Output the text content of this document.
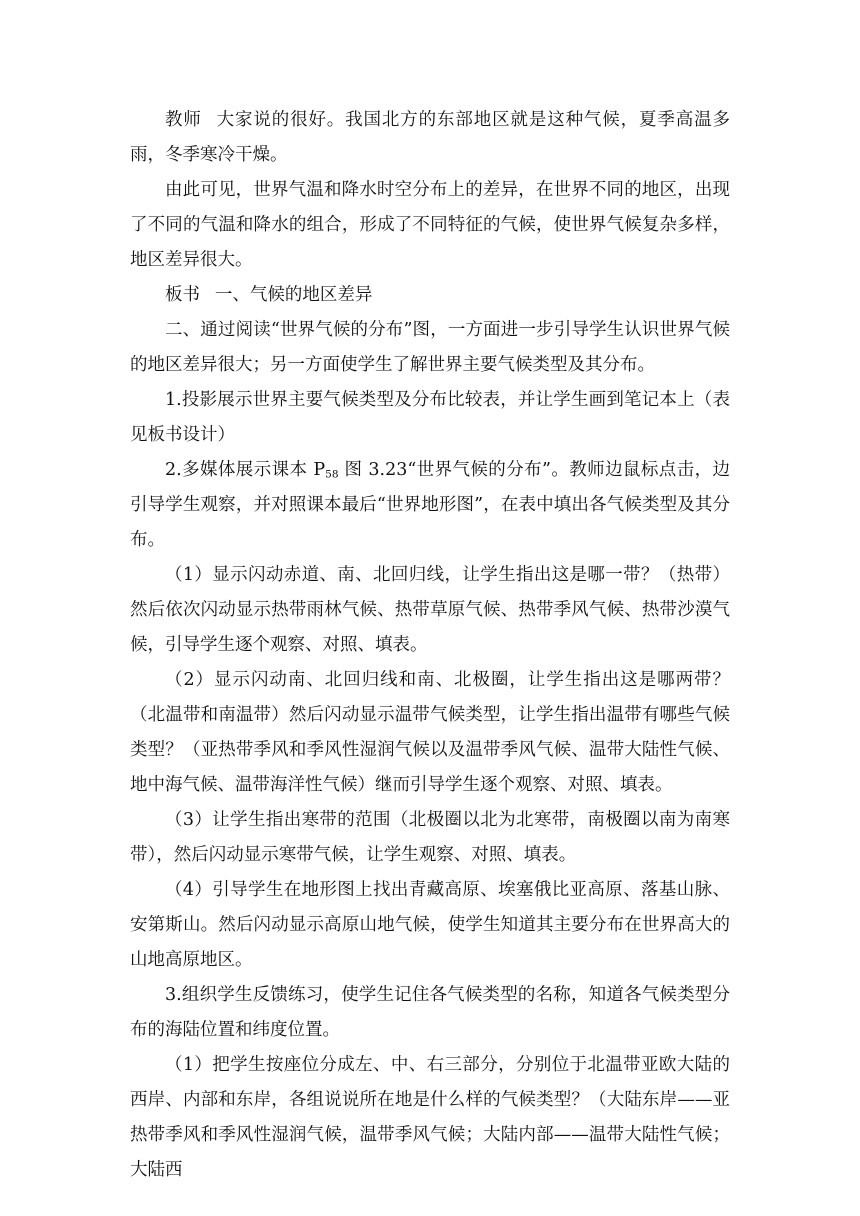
教师 大家说的很好。我国北方的东部地区就是这种气候，夏季高温多雨，冬季寒冷干燥。

由此可见，世界气温和降水时空分布上的差异，在世界不同的地区，出现了不同的气温和降水的组合，形成了不同特征的气候，使世界气候复杂多样，地区差异很大。

板书 一、气候的地区差异

二、通过阅读“世界气候的分布”图，一方面进一步引导学生认识世界气候的地区差异很大；另一方面使学生了解世界主要气候类型及其分布。

1.投影展示世界主要气候类型及分布比较表，并让学生画到笔记本上（表见板书设计）

2.多媒体展示课本 $P_{58}$ 图 3.23“世界气候的分布”。教师边鼠标点击，边引导学生观察，并对照课本最后“世界地形图”，在表中填出各气候类型及其分布。

（1）显示闪动赤道、南、北回归线，让学生指出这是哪一带？（热带）然后依次闪动显示热带雨林气候、热带草原气候、热带季风气候、热带沙漠气候，引导学生逐个观察、对照、填表。

（2）显示闪动南、北回归线和南、北极圈，让学生指出这是哪两带？（北温带和南温带）然后闪动显示温带气候类型，让学生指出温带有哪些气候类型？（亚热带季风和季风性湿润气候以及温带季风气候、温带大陆性气候、地中海气候、温带海洋性气候）继而引导学生逐个观察、对照、填表。

（3）让学生指出寒带的范围（北极圈以北为北寒带，南极圈以南为南寒带），然后闪动显示寒带气候，让学生观察、对照、填表。

（4）引导学生在地形图上找出青藏高原、埃塞俄比亚高原、落基山脉、安第斯山。然后闪动显示高原山地气候，使学生知道其主要分布在世界高大的山地高原地区。

3.组织学生反馈练习，使学生记住各气候类型的名称，知道各气候类型分布的海陆位置和纬度位置。

（1）把学生按座位分成左、中、右三部分，分别位于北温带亚欧大陆的西岸、内部和东岸，各组说说所在地是什么样的气候类型？（大陆东岸——亚热带季风和季风性湿润气候，温带季风气候；大陆内部——温带大陆性气候；大陆西
